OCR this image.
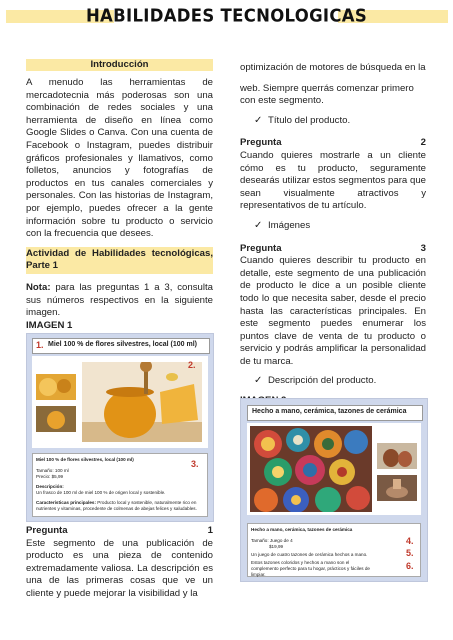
HABILIDADES TECNOLOGICAS
Introducción
A menudo las herramientas de mercadotecnia más poderosas son una combinación de redes sociales y una herramienta de diseño en línea como Google Slides o Canva. Con una cuenta de Facebook o Instagram, puedes distribuir gráficos profesionales y llamativos, como folletos, anuncios y fotografías de productos en tus canales comerciales y personales. Con las historias de Instagram, por ejemplo, puedes ofrecer a la gente información sobre tu producto o servicio con la frecuencia que desees.
Actividad de Habilidades tecnológicas, Parte 1
Nota: para las preguntas 1 a 3, consulta sus números respectivos en la siguiente imagen.
IMAGEN 1
1. Miel 100 % de flores silvestres, local (100 ml)
2.
3.
Miel 100 % de flores silvestres, local (100 ml)
Tamaño: 100 ml
Precio: $5,99
Descripción:
Un frasco de 100 ml de miel 100 % de origen local y sostenible.
Características principales: Producto local y sostenible, naturalmente rico en nutrientes y vitaminas, procedente de colmenas de abejas felices y saludables.
Pregunta	1
Este segmento de una publicación de producto es una pieza de contenido extremadamente valiosa. La descripción es una de las primeras cosas que ve un cliente y puede mejorar la visibilidad y la
optimización de motores de búsqueda en la
web. Siempre querrás comenzar primero con este segmento.
✓ Título del producto.
Pregunta	2
Cuando quieres mostrarle a un cliente cómo es tu producto, seguramente desearás utilizar estos segmentos para que sean visualmente atractivos y representativos de tu artículo.
✓ Imágenes
Pregunta	3
Cuando quieres describir tu producto en detalle, este segmento de una publicación de producto le dice a un posible cliente todo lo que necesita saber, desde el precio hasta las características principales. En este segmento puedes enumerar los puntos clave de venta de tu producto o servicio y podrás amplificar la personalidad de tu marca.
✓ Descripción del producto.
Hecho a mano, cerámica, tazones de cerámica
Hecho a mano, cerámica, tazones de cerámica
Tamaño: Juego de 4
$19,99
Un juego de cuatro tazones de cerámica hechos a mano.
Estos tazones coloridos y hechos a mano son el complemento perfecto para tu hogar, prácticos y fáciles de limpiar.
4.
5.
6.
